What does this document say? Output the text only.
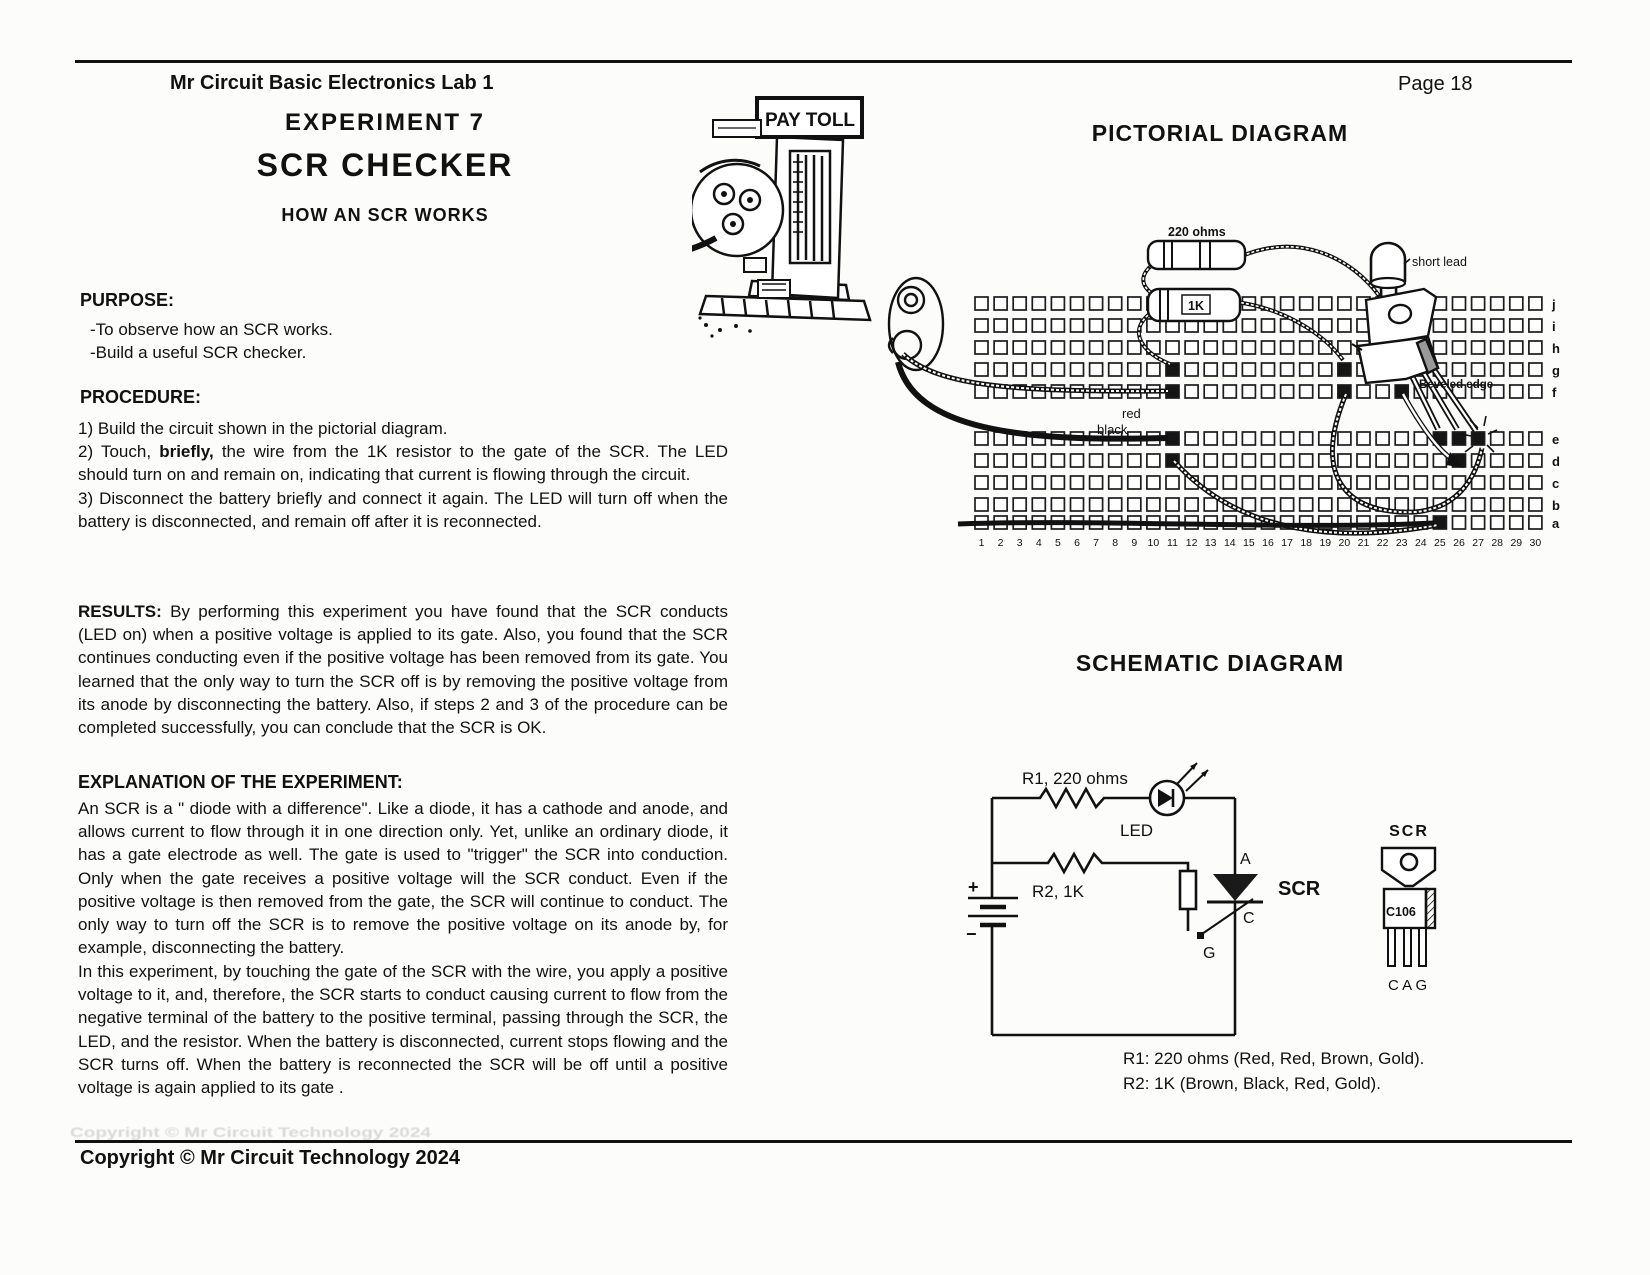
Mr Circuit Basic Electronics Lab 1	Page 18
EXPERIMENT 7
SCR CHECKER
HOW AN SCR WORKS
PURPOSE:
-To observe how an SCR works.
-Build a useful SCR checker.
PROCEDURE:
1) Build the circuit shown in the pictorial diagram.
2) Touch, briefly, the wire from the 1K resistor to the gate of the SCR. The LED should turn on and remain on, indicating that current is flowing through the circuit.
3) Disconnect the battery briefly and connect it again. The LED will turn off when the battery is disconnected, and remain off after it is reconnected.
RESULTS: By performing this experiment you have found that the SCR conducts (LED on) when a positive voltage is applied to its gate. Also, you found that the SCR continues conducting even if the positive voltage has been removed from its gate. You learned that the only way to turn the SCR off is by removing the positive voltage from its anode by disconnecting the battery. Also, if steps 2 and 3 of the procedure can be completed successfully, you can conclude that the SCR is OK.
EXPLANATION OF THE EXPERIMENT:
An SCR is a " diode with a difference". Like a diode, it has a cathode and anode, and allows current to flow through it in one direction only. Yet, unlike an ordinary diode, it has a gate electrode as well. The gate is used to "trigger" the SCR into conduction. Only when the gate receives a positive voltage will the SCR conduct. Even if the positive voltage is then removed from the gate, the SCR will continue to conduct. The only way to turn off the SCR is to remove the positive voltage on its anode by, for example, disconnecting the battery.
In this experiment, by touching the gate of the SCR with the wire, you apply a positive voltage to it, and, therefore, the SCR starts to conduct causing current to flow from the negative terminal of the battery to the positive terminal, passing through the SCR, the LED, and the resistor. When the battery is disconnected, current stops flowing and the SCR turns off. When the battery is reconnected the SCR will be off until a positive voltage is again applied to its gate .
PICTORIAL DIAGRAM
PAY TOLL
j
i
h
g
f
e
d
c
b
a
1 2 3 4 5 6 7 8 9 10 11 12 13 14 15 16 17 18 19 20 21 22 23 24 25 26 27 28 29 30
220 ohms
1K
short lead
red
black
Beveled edge
SCHEMATIC DIAGRAM
R1, 220 ohms
LED
R2, 1K
A
C
G
SCR
+
−
SCR
C106
C A G
R1: 220 ohms (Red, Red, Brown, Gold).
R2: 1K (Brown, Black, Red, Gold).
Copyright © Mr Circuit Technology 2024
Copyright © Mr Circuit Technology 2024
